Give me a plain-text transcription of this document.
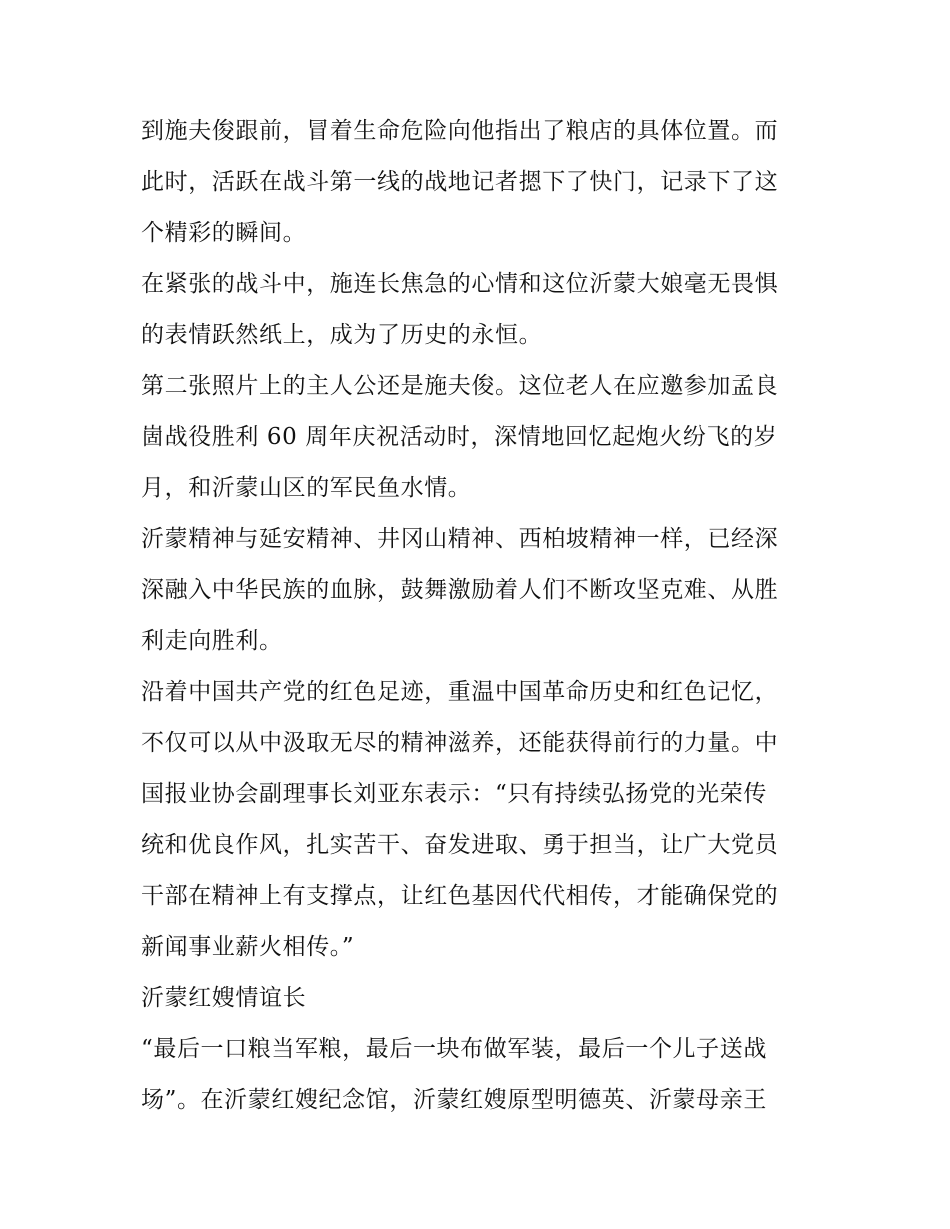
到施夫俊跟前，冒着生命危险向他指出了粮店的具体位置。而
此时，活跃在战斗第一线的战地记者摁下了快门，记录下了这
个精彩的瞬间。
在紧张的战斗中，施连长焦急的心情和这位沂蒙大娘毫无畏惧
的表情跃然纸上，成为了历史的永恒。
第二张照片上的主人公还是施夫俊。这位老人在应邀参加孟良
崮战役胜利 60 周年庆祝活动时，深情地回忆起炮火纷飞的岁
月，和沂蒙山区的军民鱼水情。
沂蒙精神与延安精神、井冈山精神、西柏坡精神一样，已经深
深融入中华民族的血脉，鼓舞激励着人们不断攻坚克难、从胜
利走向胜利。
沿着中国共产党的红色足迹，重温中国革命历史和红色记忆，
不仅可以从中汲取无尽的精神滋养，还能获得前行的力量。中
国报业协会副理事长刘亚东表示：“只有持续弘扬党的光荣传
统和优良作风，扎实苦干、奋发进取、勇于担当，让广大党员
干部在精神上有支撑点，让红色基因代代相传，才能确保党的
新闻事业薪火相传。”
沂蒙红嫂情谊长
“最后一口粮当军粮，最后一块布做军装，最后一个儿子送战
场”。在沂蒙红嫂纪念馆，沂蒙红嫂原型明德英、沂蒙母亲王
